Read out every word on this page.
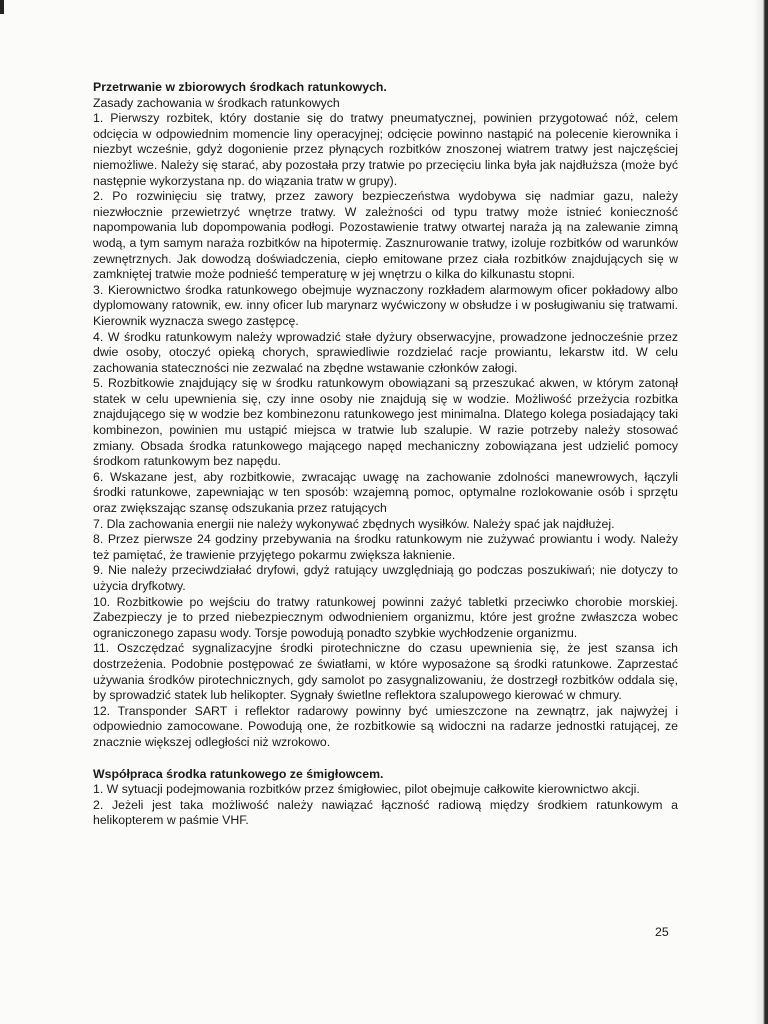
Przetrwanie w zbiorowych środkach ratunkowych.

Zasady zachowania w środkach ratunkowych

1. Pierwszy rozbitek, który dostanie się do tratwy pneumatycznej, powinien przygotować nóż, celem odcięcia w odpowiednim momencie liny operacyjnej; odcięcie powinno nastąpić na polecenie kierownika i niezbyt wcześnie, gdyż dogonienie przez płynących rozbitków znoszonej wiatrem tratwy jest najczęściej niemożliwe. Należy się starać, aby pozostała przy tratwie po przecięciu linka była jak najdłuższa (może być następnie wykorzystana np. do wiązania tratw w grupy).

2. Po rozwinięciu się tratwy, przez zawory bezpieczeństwa wydobywa się nadmiar gazu, należy niezwłocznie przewietrzyć wnętrze tratwy. W zależności od typu tratwy może istnieć konieczność napompowania lub dopompowania podłogi. Pozostawienie tratwy otwartej naraża ją na zalewanie zimną wodą, a tym samym naraża rozbitków na hipotermię. Zasznurowanie tratwy, izoluje rozbitków od warunków zewnętrznych. Jak dowodzą doświadczenia, ciepło emitowane przez ciała rozbitków znajdujących się w zamkniętej tratwie może podnieść temperaturę w jej wnętrzu o kilka do kilkunastu stopni.

3. Kierownictwo środka ratunkowego obejmuje wyznaczony rozkładem alarmowym oficer pokładowy albo dyplomowany ratownik, ew. inny oficer lub marynarz wyćwiczony w obsłudze i w posługiwaniu się tratwami. Kierownik wyznacza swego zastępcę.

4. W środku ratunkowym należy wprowadzić stałe dyżury obserwacyjne, prowadzone jednocześnie przez dwie osoby, otoczyć opieką chorych, sprawiedliwie rozdzielać racje prowiantu, lekarstw itd. W celu zachowania stateczności nie zezwalać na zbędne wstawanie członków załogi.

5. Rozbitkowie znajdujący się w środku ratunkowym obowiązani są przeszukać akwen, w którym zatonął statek w celu upewnienia się, czy inne osoby nie znajdują się w wodzie. Możliwość przeżycia rozbitka znajdującego się w wodzie bez kombinezonu ratunkowego jest minimalna. Dlatego kolega posiadający taki kombinezon, powinien mu ustąpić miejsca w tratwie lub szalupie. W razie potrzeby należy stosować zmiany. Obsada środka ratunkowego mającego napęd mechaniczny zobowiązana jest udzielić pomocy środkom ratunkowym bez napędu.

6. Wskazane jest, aby rozbitkowie, zwracając uwagę na zachowanie zdolności manewrowych, łączyli środki ratunkowe, zapewniając w ten sposób: wzajemną pomoc, optymalne rozlokowanie osób i sprzętu oraz zwiększając szansę odszukania przez ratujących

7. Dla zachowania energii nie należy wykonywać zbędnych wysiłków. Należy spać jak najdłużej.

8. Przez pierwsze 24 godziny przebywania na środku ratunkowym nie zużywać prowiantu i wody. Należy też pamiętać, że trawienie przyjętego pokarmu zwiększa łaknienie.

9. Nie należy przeciwdziałać dryfowi, gdyż ratujący uwzględniają go podczas poszukiwań; nie dotyczy to użycia dryfkotwy.

10. Rozbitkowie po wejściu do tratwy ratunkowej powinni zażyć tabletki przeciwko chorobie morskiej. Zabezpieczy je to przed niebezpiecznym odwodnieniem organizmu, które jest groźne zwłaszcza wobec ograniczonego zapasu wody. Torsje powodują ponadto szybkie wychłodzenie organizmu.

11. Oszczędzać sygnalizacyjne środki pirotechniczne do czasu upewnienia się, że jest szansa ich dostrzeżenia. Podobnie postępować ze światłami, w które wyposażone są środki ratunkowe. Zaprzestać używania środków pirotechnicznych, gdy samolot po zasygnalizowaniu, że dostrzegł rozbitków oddala się, by sprowadzić statek lub helikopter. Sygnały świetlne reflektora szalupowego kierować w chmury.

12. Transponder SART i reflektor radarowy powinny być umieszczone na zewnątrz, jak najwyżej i odpowiednio zamocowane. Powodują one, że rozbitkowie są widoczni na radarze jednostki ratującej, ze znacznie większej odległości niż wzrokowo.

Współpraca środka ratunkowego ze śmigłowcem.

1. W sytuacji podejmowania rozbitków przez śmigłowiec, pilot obejmuje całkowite kierownictwo akcji.

2. Jeżeli jest taka możliwość należy nawiązać łączność radiową między środkiem ratunkowym a helikopterem w paśmie VHF.

25
